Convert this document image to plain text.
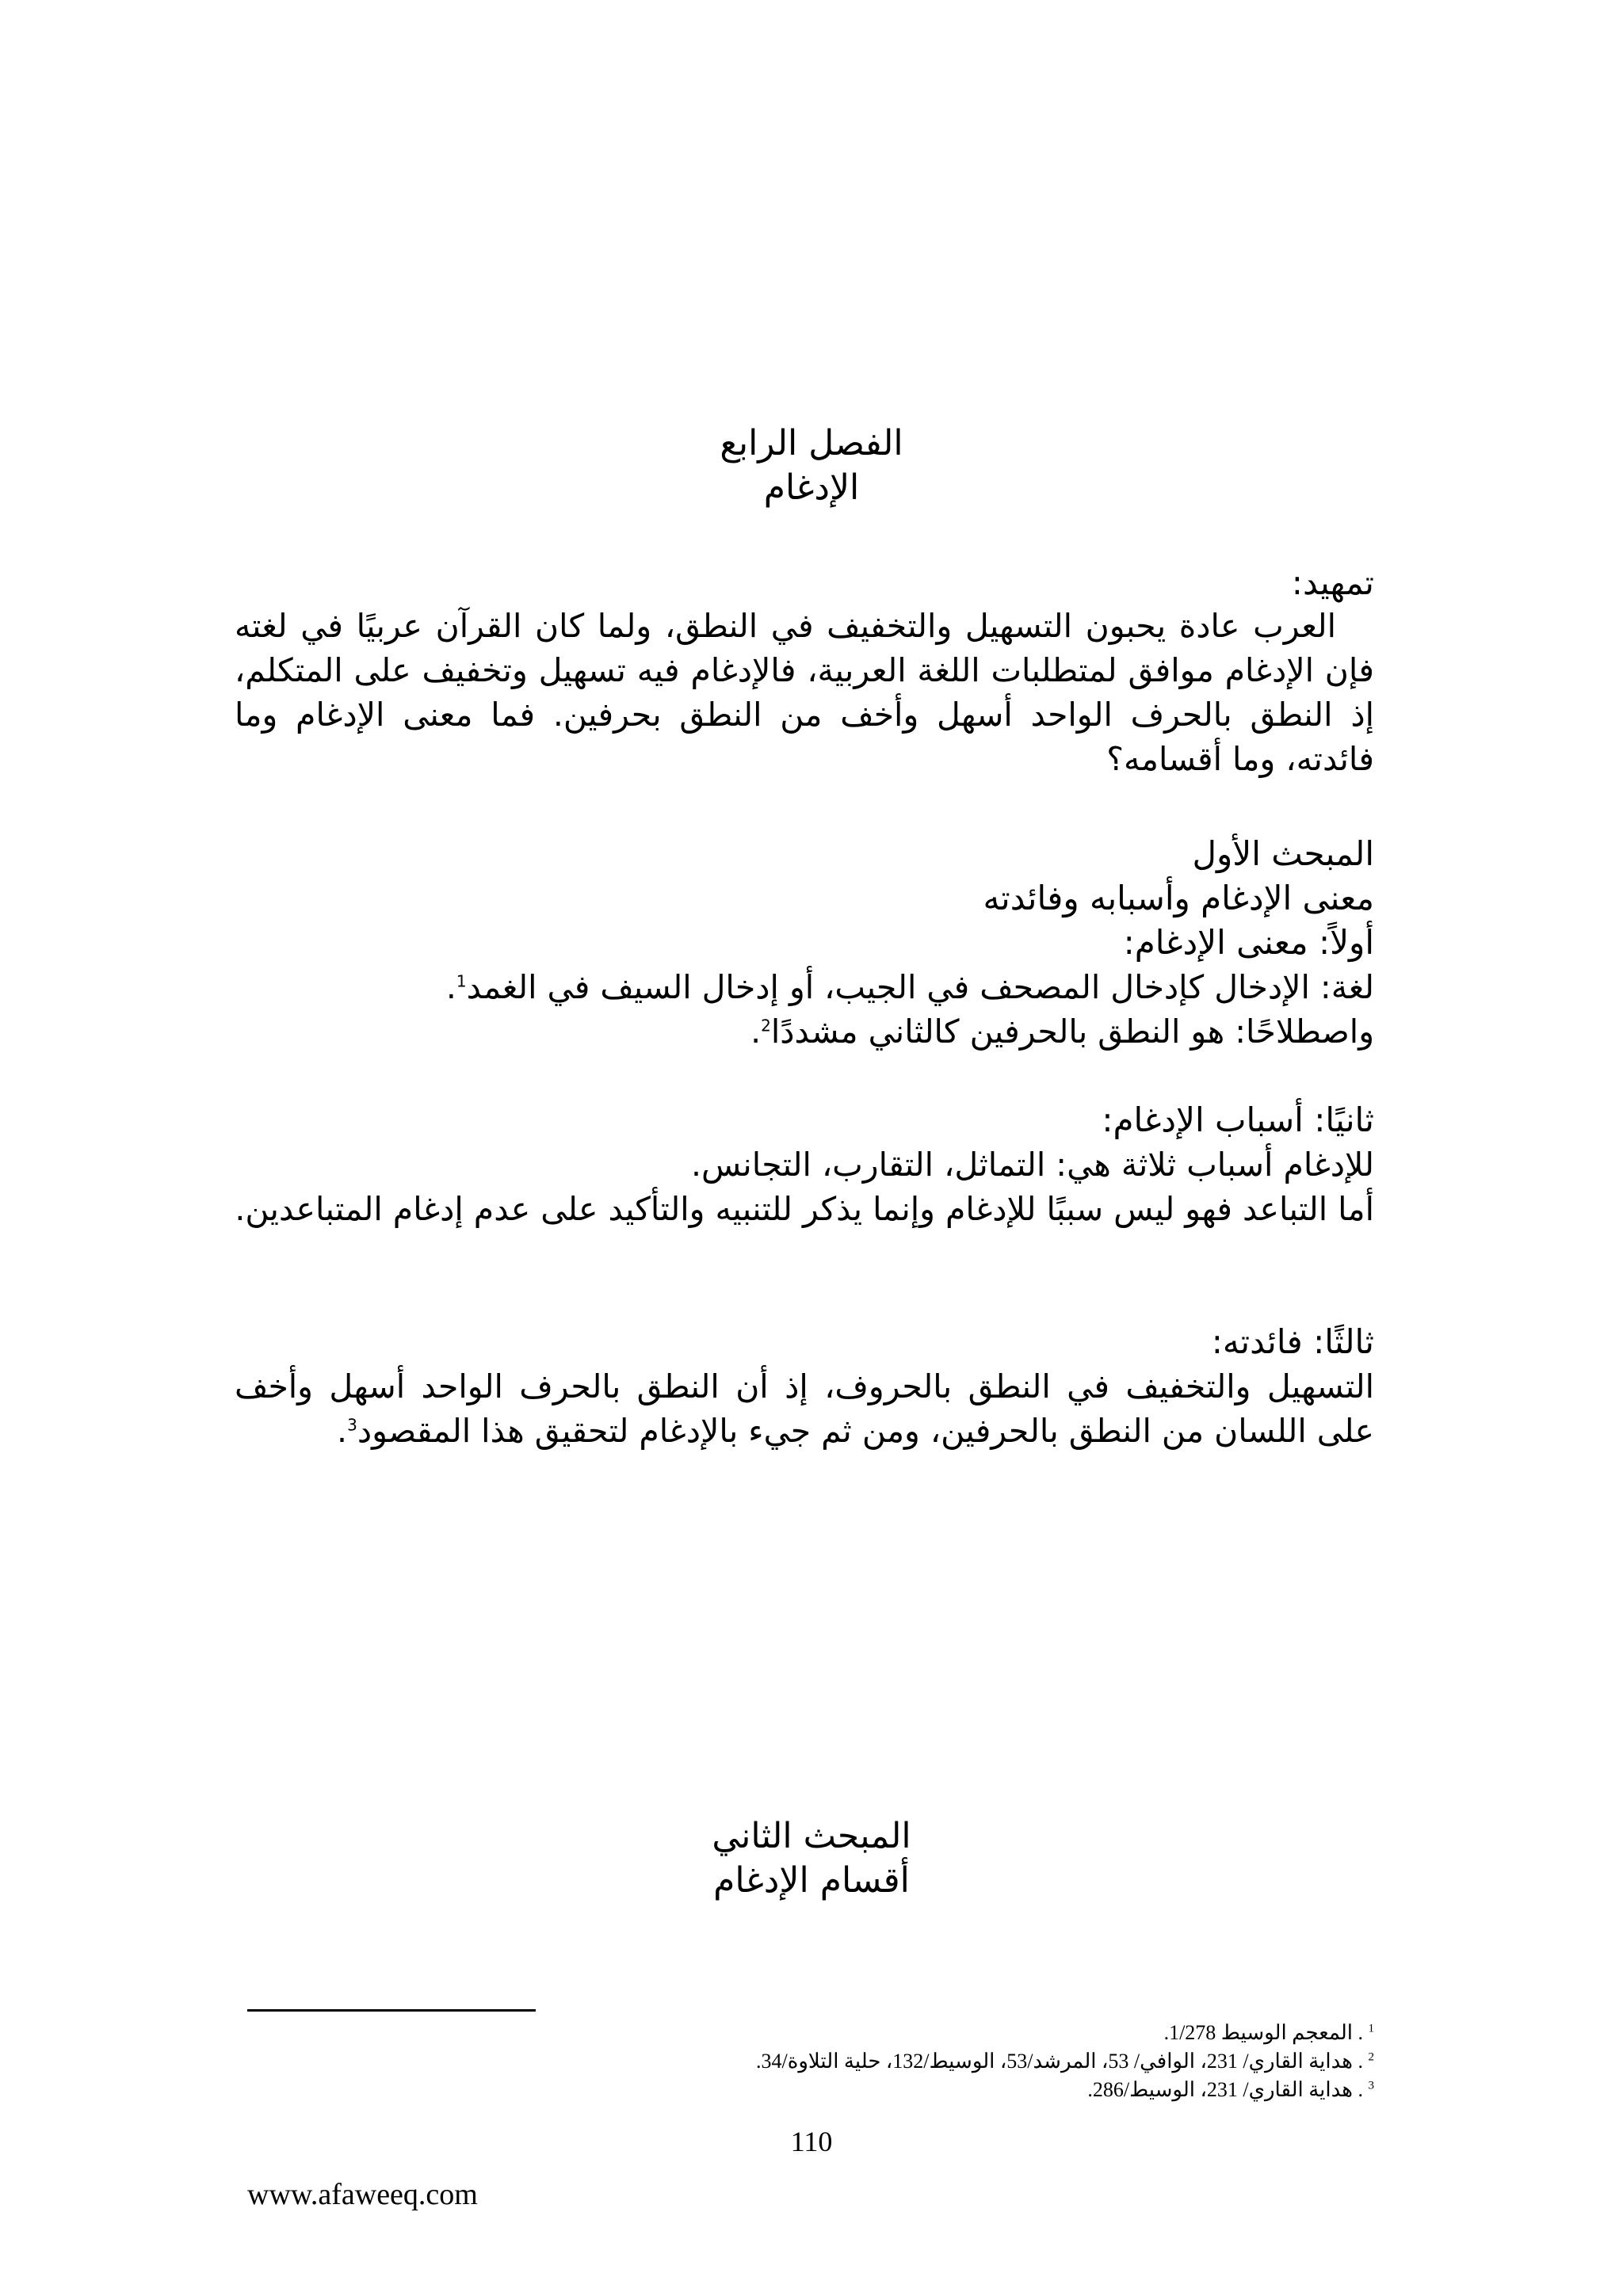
الفصل الرابع
الإدغام
تمهيد:
العرب عادة يحبون التسهيل والتخفيف في النطق، ولما كان القرآن عربيًا في لغته فإن الإدغام موافق لمتطلبات اللغة العربية، فالإدغام فيه تسهيل وتخفيف على المتكلم، إذ النطق بالحرف الواحد أسهل وأخف من النطق بحرفين. فما معنى الإدغام وما فائدته، وما أقسامه؟
المبحث الأول
معنى الإدغام وأسبابه وفائدته
أولاً: معنى الإدغام:
لغة: الإدخال كإدخال المصحف في الجيب، أو إدخال السيف في الغمد$^1$.
واصطلاحًا: هو النطق بالحرفين كالثاني مشددًا$^2$.
ثانيًا: أسباب الإدغام:
للإدغام أسباب ثلاثة هي: التماثل، التقارب، التجانس.
أما التباعد فهو ليس سببًا للإدغام وإنما يذكر للتنبيه والتأكيد على عدم إدغام المتباعدين.
ثالثًا: فائدته:
التسهيل والتخفيف في النطق بالحروف، إذ أن النطق بالحرف الواحد أسهل وأخف على اللسان من النطق بالحرفين، ومن ثم جيء بالإدغام لتحقيق هذا المقصود$^3$.
المبحث الثاني
أقسام الإدغام
$^1$ . المعجم الوسيط 1/278.
$^2$ . هداية القاري/ 231، الوافي/ 53، المرشد/53، الوسيط/132، حلية التلاوة/34.
$^3$ . هداية القاري/ 231، الوسيط/286.
110
www.afaweeq.com
